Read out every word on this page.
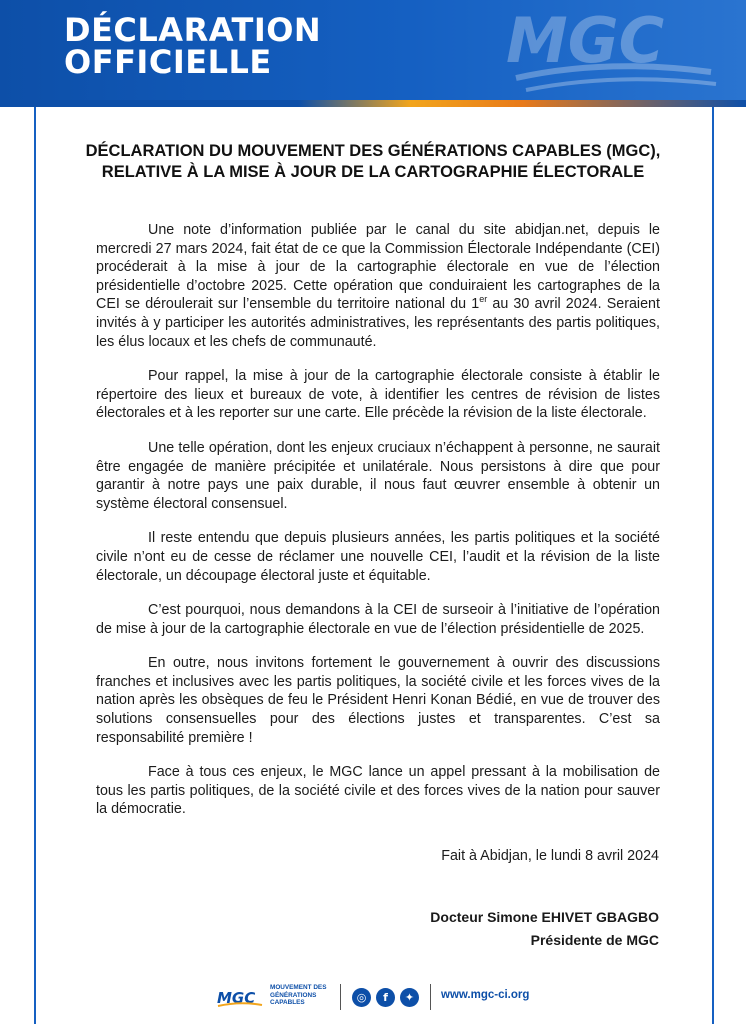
DÉCLARATION
OFFICIELLE	MGC
DÉCLARATION DU MOUVEMENT DES GÉNÉRATIONS CAPABLES (MGC),
RELATIVE À LA MISE À JOUR DE LA CARTOGRAPHIE ÉLECTORALE

Une note d’information publiée par le canal du site abidjan.net, depuis le mercredi 27 mars 2024, fait état de ce que la Commission Électorale Indépendante (CEI) procéderait à la mise à jour de la cartographie électorale en vue de l’élection présidentielle d’octobre 2025. Cette opération que conduiraient les cartographes de la CEI se déroulerait sur l’ensemble du territoire national du 1er au 30 avril 2024. Seraient invités à y participer les autorités administratives, les représentants des partis politiques, les élus locaux et les chefs de communauté.

Pour rappel, la mise à jour de la cartographie électorale consiste à établir le répertoire des lieux et bureaux de vote, à identifier les centres de révision de listes électorales et à les reporter sur une carte. Elle précède la révision de la liste électorale.

Une telle opération, dont les enjeux cruciaux n’échappent à personne, ne saurait être engagée de manière précipitée et unilatérale. Nous persistons à dire que pour garantir à notre pays une paix durable, il nous faut œuvrer ensemble à obtenir un système électoral consensuel.

Il reste entendu que depuis plusieurs années, les partis politiques et la société civile n’ont eu de cesse de réclamer une nouvelle CEI, l’audit et la révision de la liste électorale, un découpage électoral juste et équitable.

C’est pourquoi, nous demandons à la CEI de surseoir à l’initiative de l’opération de mise à jour de la cartographie électorale en vue de l’élection présidentielle de 2025.

En outre, nous invitons fortement le gouvernement à ouvrir des discussions franches et inclusives avec les partis politiques, la société civile et les forces vives de la nation après les obsèques de feu le Président Henri Konan Bédié, en vue de trouver des solutions consensuelles pour des élections justes et transparentes. C’est sa responsabilité première !

Face à tous ces enjeux, le MGC lance un appel pressant à la mobilisation de tous les partis politiques, de la société civile et des forces vives de la nation pour sauver la démocratie.

Fait à Abidjan, le lundi 8 avril 2024
Docteur Simone EHIVET GBAGBO
Présidente de MGC
MGC
MOUVEMENT DES
GÉNÉRATIONS
CAPABLES	◎	f	✦	www.mgc-ci.org
